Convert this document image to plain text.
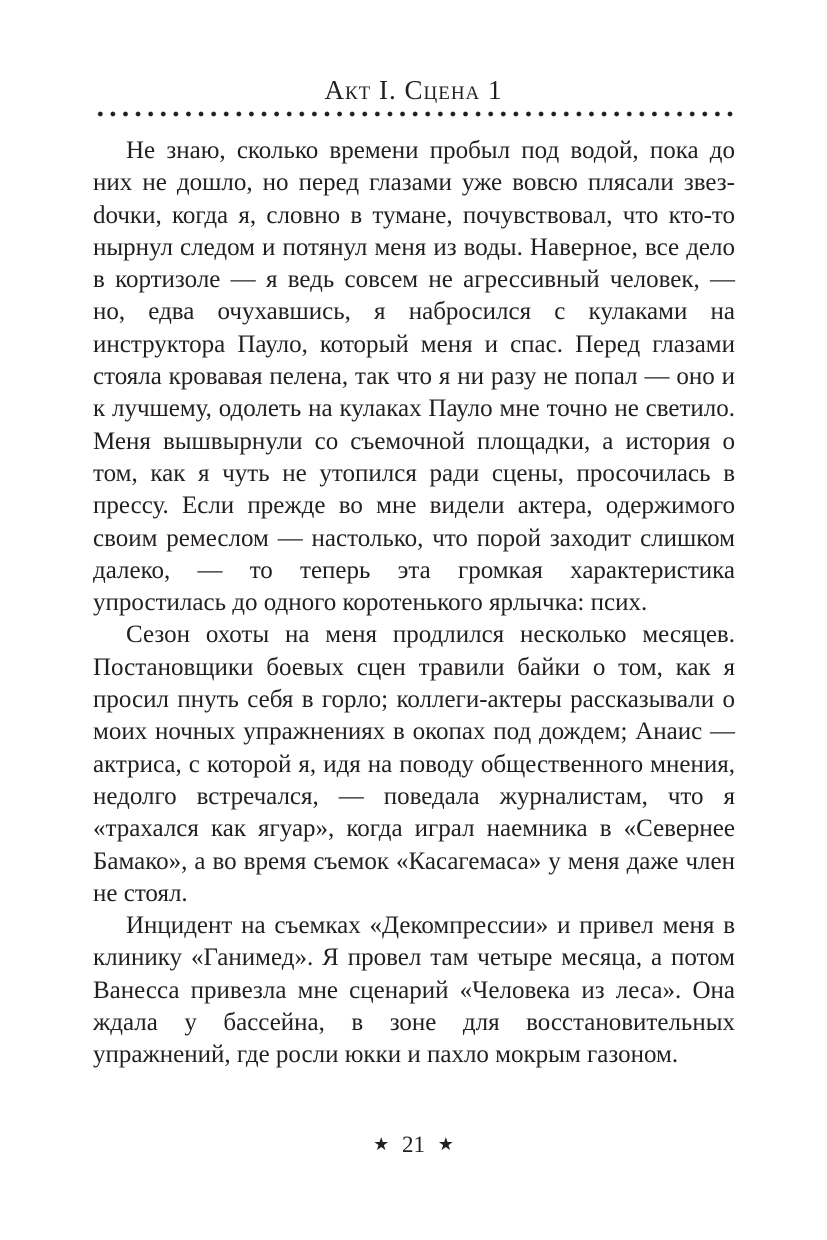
Акт I. Сцена 1

Не знаю, сколько времени пробыл под водой, пока до них не дошло, но перед глазами уже вовсю плясали звезdочки, когда я, словно в тумане, почувствовал, что кто-то нырнул следом и потянул меня из воды. Наверное, все дело в кортизоле — я ведь совсем не агрессивный человек, — но, едва очухавшись, я набросился с кулаками на инструктора Пауло, который меня и спас. Перед глазами стояла кровавая пелена, так что я ни разу не попал — оно и к лучшему, одолеть на кулаках Пауло мне точно не светило. Меня вышвырнули со съемочной площадки, а история о том, как я чуть не утопился ради сцены, просочилась в прессу. Если прежде во мне видели актера, одержимого своим ремеслом — настолько, что порой заходит слишком далеко, — то теперь эта громкая характеристика упростилась до одного коротенького ярлычка: псих.

Сезон охоты на меня продлился несколько месяцев. Постановщики боевых сцен травили байки о том, как я просил пнуть себя в горло; коллеги-актеры рассказывали о моих ночных упражнениях в окопах под дождем; Анаис — актриса, с которой я, идя на поводу общественного мнения, недолго встречался, — поведала журналистам, что я «трахался как ягуар», когда играл наемника в «Севернее Бамако», а во время съемок «Касагемаса» у меня даже член не стоял.

Инцидент на съемках «Декомпрессии» и привел меня в клинику «Ганимед». Я провел там четыре месяца, а потом Ванесса привезла мне сценарий «Человека из леса». Она ждала у бассейна, в зоне для восстановительных упражнений, где росли юкки и пахло мокрым газоном.

★ 21 ★
